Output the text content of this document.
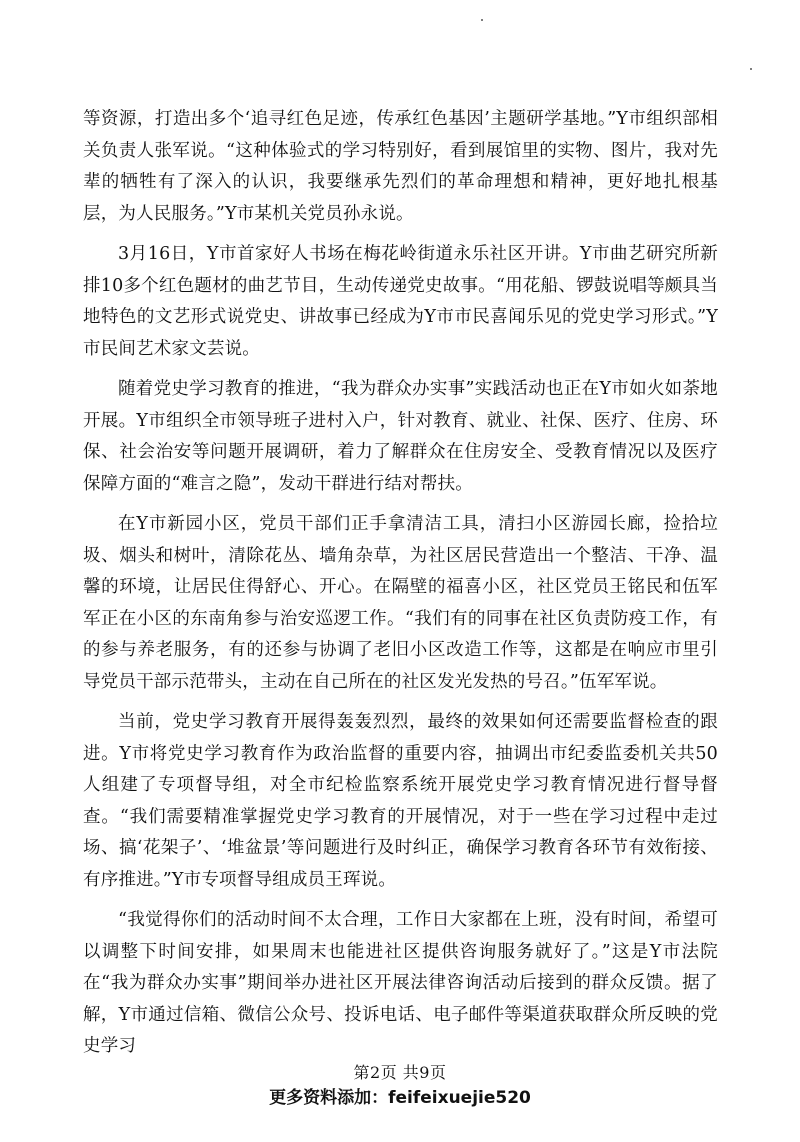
等资源，打造出多个‘追寻红色足迹，传承红色基因’主题研学基地。”Y市组织部相关负责人张军说。“这种体验式的学习特别好，看到展馆里的实物、图片，我对先辈的牺牲有了深入的认识，我要继承先烈们的革命理想和精神，更好地扎根基层，为人民服务。”Y市某机关党员孙永说。

3月16日，Y市首家好人书场在梅花岭街道永乐社区开讲。Y市曲艺研究所新排10多个红色题材的曲艺节目，生动传递党史故事。“用花船、锣鼓说唱等颇具当地特色的文艺形式说党史、讲故事已经成为Y市市民喜闻乐见的党史学习形式。”Y市民间艺术家文芸说。

随着党史学习教育的推进，“我为群众办实事”实践活动也正在Y市如火如荼地开展。Y市组织全市领导班子进村入户，针对教育、就业、社保、医疗、住房、环保、社会治安等问题开展调研，着力了解群众在住房安全、受教育情况以及医疗保障方面的“难言之隐”，发动干群进行结对帮扶。

在Y市新园小区，党员干部们正手拿清洁工具，清扫小区游园长廊，捡拾垃圾、烟头和树叶，清除花丛、墙角杂草，为社区居民营造出一个整洁、干净、温馨的环境，让居民住得舒心、开心。在隔壁的福喜小区，社区党员王铭民和伍军军正在小区的东南角参与治安巡逻工作。“我们有的同事在社区负责防疫工作，有的参与养老服务，有的还参与协调了老旧小区改造工作等，这都是在响应市里引导党员干部示范带头，主动在自己所在的社区发光发热的号召。”伍军军说。

当前，党史学习教育开展得轰轰烈烈，最终的效果如何还需要监督检查的跟进。Y市将党史学习教育作为政治监督的重要内容，抽调出市纪委监委机关共50人组建了专项督导组，对全市纪检监察系统开展党史学习教育情况进行督导督查。“我们需要精准掌握党史学习教育的开展情况，对于一些在学习过程中走过场、搞‘花架子’、‘堆盆景’等问题进行及时纠正，确保学习教育各环节有效衔接、有序推进。”Y市专项督导组成员王珲说。

“我觉得你们的活动时间不太合理，工作日大家都在上班，没有时间，希望可以调整下时间安排，如果周末也能进社区提供咨询服务就好了。”这是Y市法院在“我为群众办实事”期间举办进社区开展法律咨询活动后接到的群众反馈。据了解，Y市通过信箱、微信公众号、投诉电话、电子邮件等渠道获取群众所反映的党史学习

第2页 共9页
更多资料添加：feifeixuejie520
